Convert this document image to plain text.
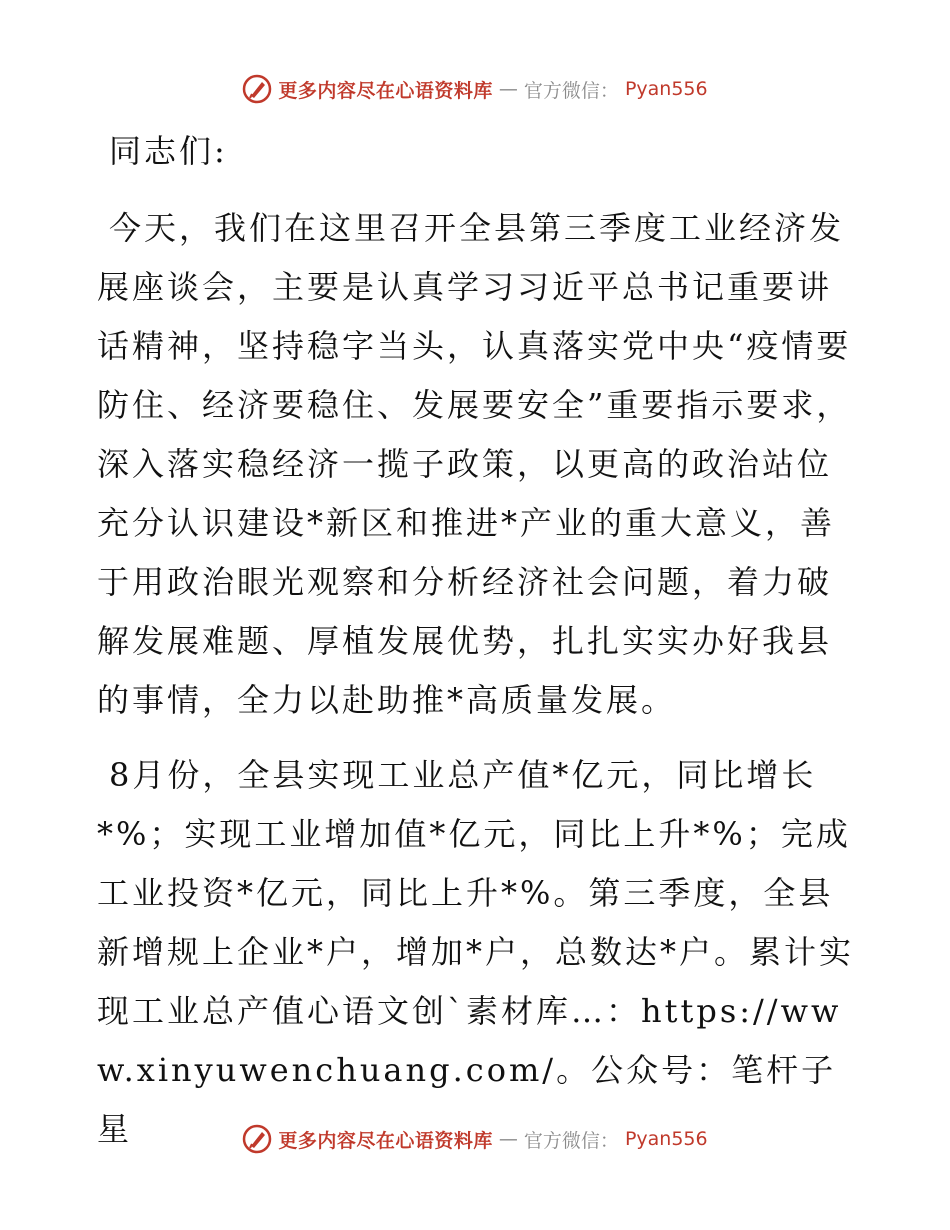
更多内容尽在心语资料库 — 官方微信： Pyan556

同志们:

今天，我们在这里召开全县第三季度工业经济发展座谈会，主要是认真学习习近平总书记重要讲话精神，坚持稳字当头，认真落实党中央“疫情要防住、经济要稳住、发展要安全”重要指示要求，深入落实稳经济一揽子政策，以更高的政治站位充分认识建设*新区和推进*产业的重大意义，善于用政治眼光观察和分析经济社会问题，着力破解发展难题、厚植发展优势，扎扎实实办好我县的事情，全力以赴助推*高质量发展。

8月份，全县实现工业总产值*亿元，同比增长*%；实现工业增加值*亿元，同比上升*%；完成工业投资*亿元，同比上升*%。第三季度，全县新增规上企业*户，增加*户，总数达*户。累计实现工业总产值心语文创`素材库…：https://www.xinyuwenchuang.com/。公众号：笔杆子星	更多内容尽在心语资料库 — 官方微信： Pyan556
